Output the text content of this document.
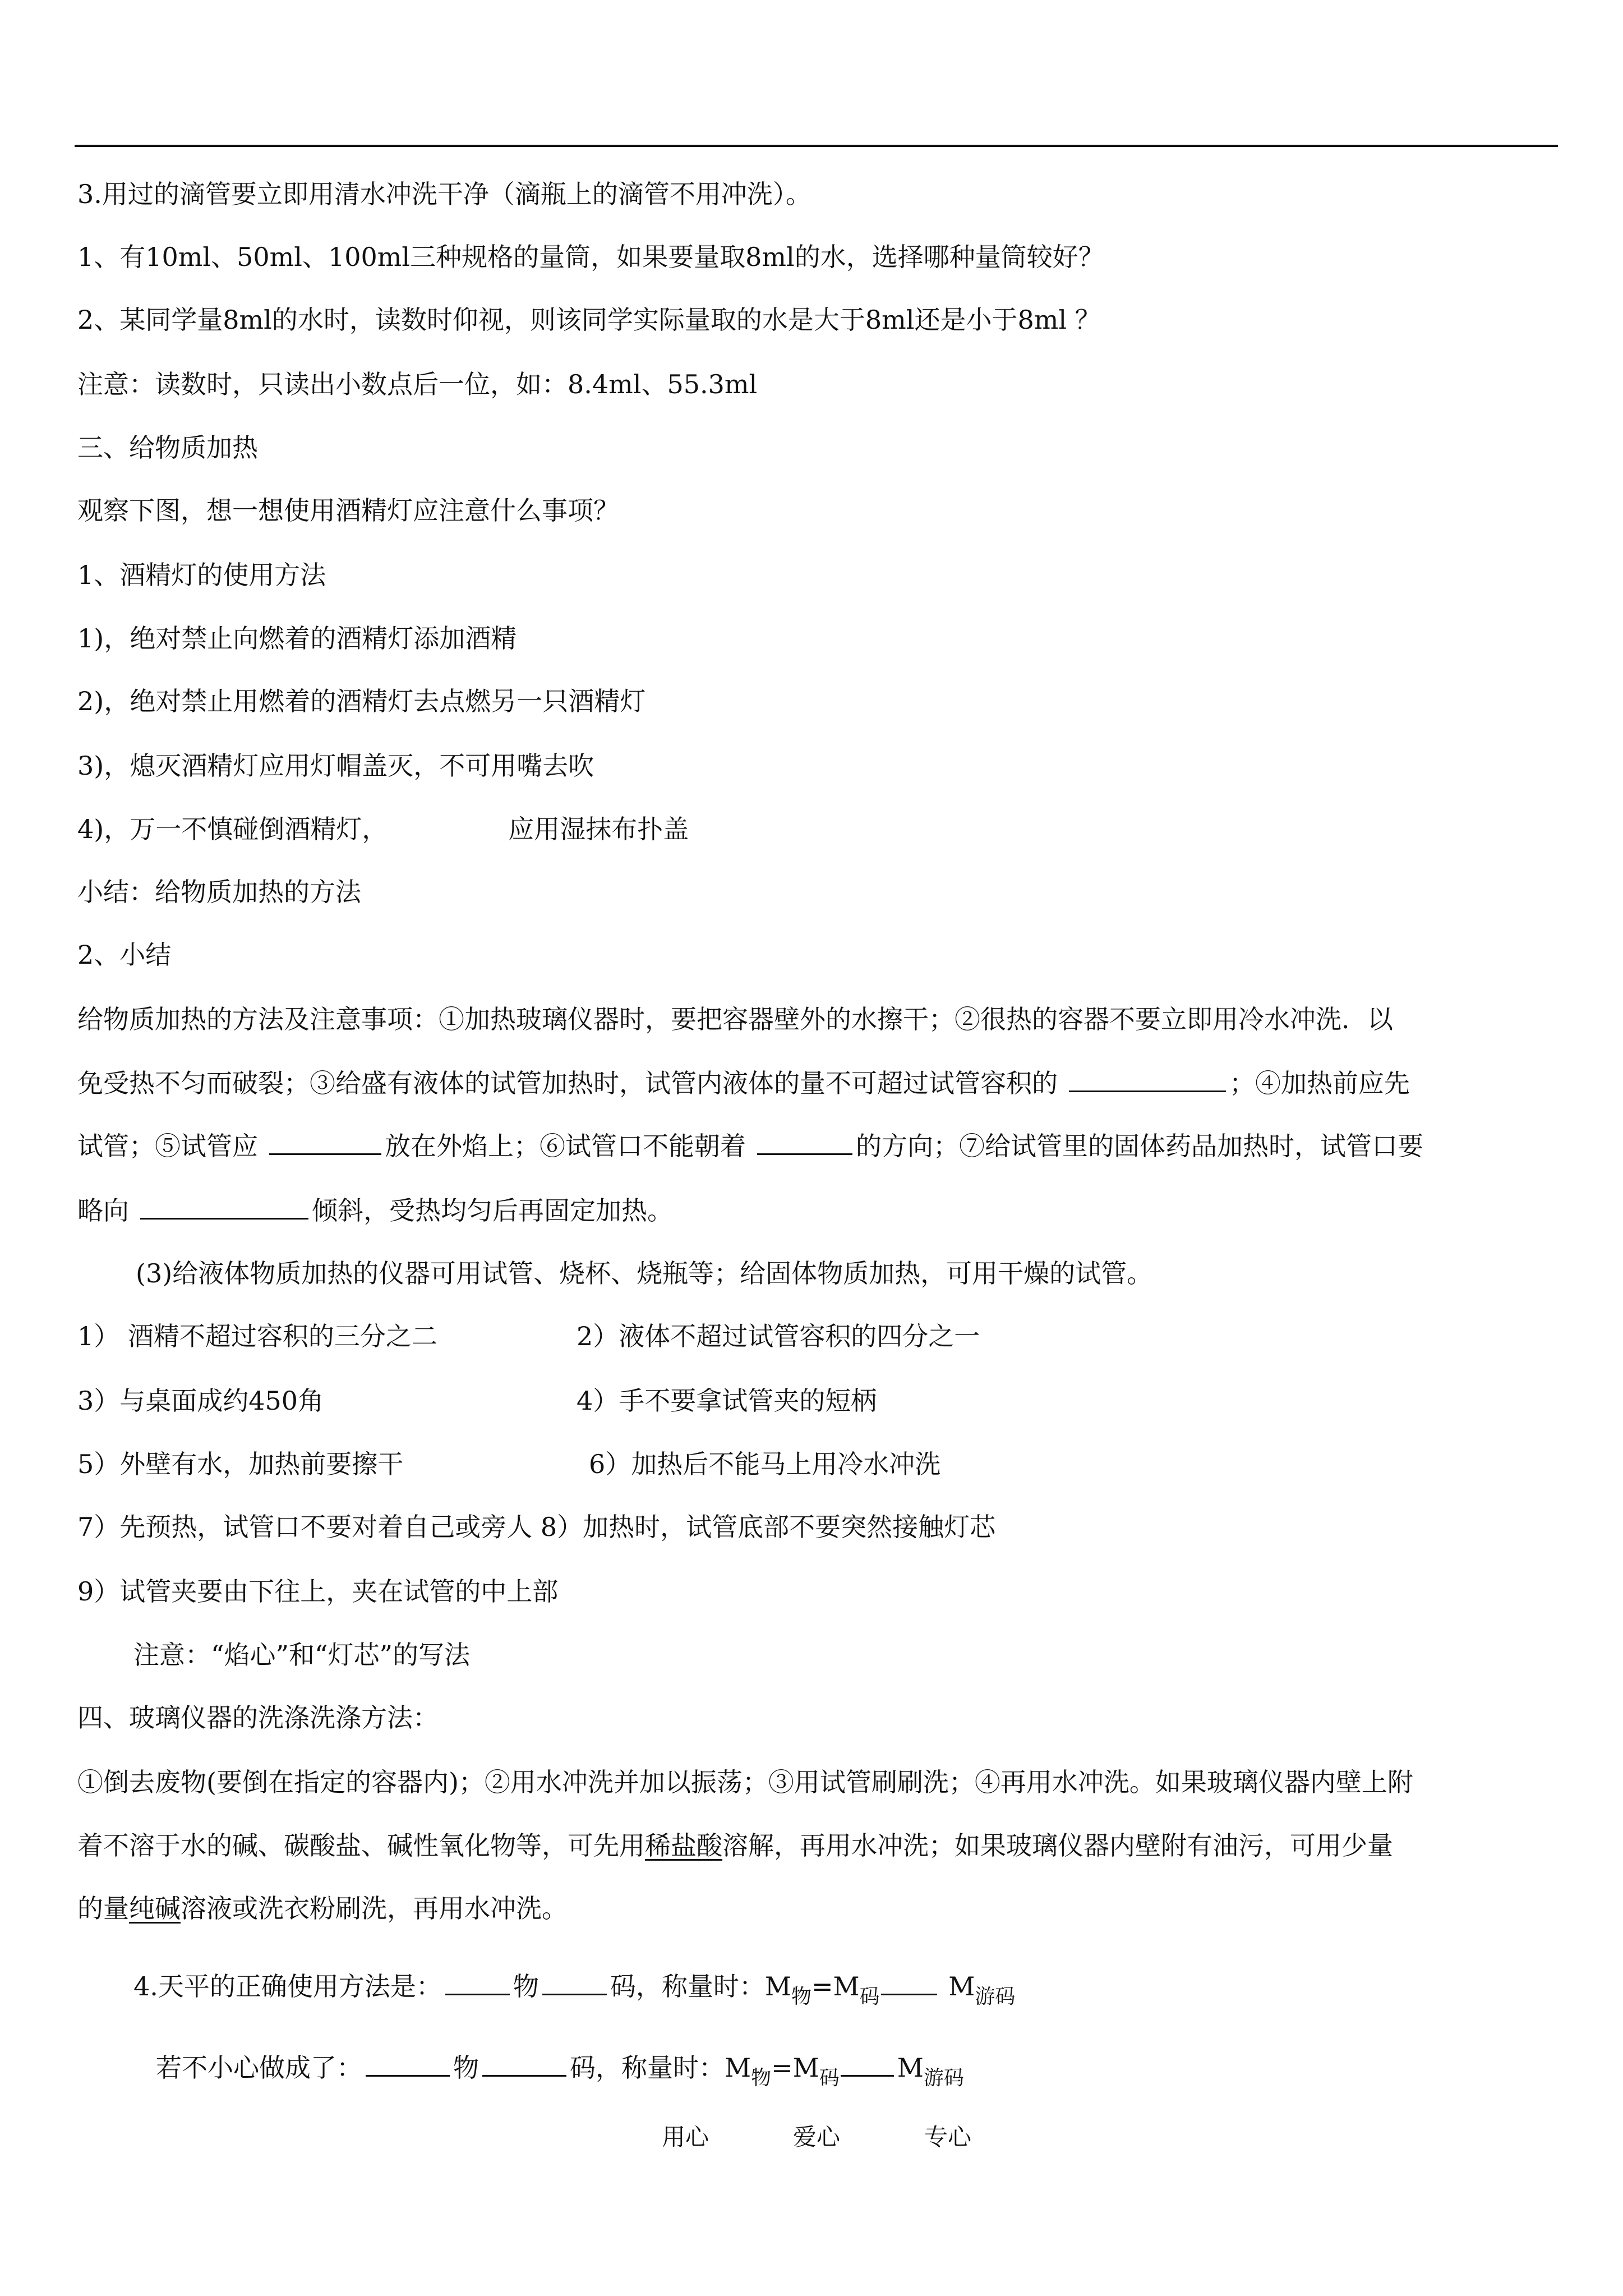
3.用过的滴管要立即用清水冲洗干净（滴瓶上的滴管不用冲洗）。
1、有10ml、50ml、100ml三种规格的量筒，如果要量取8ml的水，选择哪种量筒较好？
2、某同学量8ml的水时，读数时仰视，则该同学实际量取的水是大于8ml还是小于8ml ？
注意：读数时，只读出小数点后一位，如：8.4ml、55.3ml
三、给物质加热
观察下图，想一想使用酒精灯应注意什么事项？
1、酒精灯的使用方法
1)，绝对禁止向燃着的酒精灯添加酒精
2)，绝对禁止用燃着的酒精灯去点燃另一只酒精灯
3)，熄灭酒精灯应用灯帽盖灭，不可用嘴去吹
4)，万一不慎碰倒酒精灯，	应用湿抹布扑盖
小结：给物质加热的方法
2、小结
给物质加热的方法及注意事项：①加热玻璃仪器时，要把容器壁外的水擦干；②很热的容器不要立即用冷水冲洗．以
免受热不匀而破裂；③给盛有液体的试管加热时，试管内液体的量不可超过试管容积的	；④加热前应先
试管；⑤试管应	放在外焰上；⑥试管口不能朝着	的方向；⑦给试管里的固体药品加热时，试管口要
略向	倾斜，受热均匀后再固定加热。
(3)给液体物质加热的仪器可用试管、烧杯、烧瓶等；给固体物质加热，可用干燥的试管。
1） 酒精不超过容积的三分之二	2）液体不超过试管容积的四分之一
3）与桌面成约450角	4）手不要拿试管夹的短柄
5）外壁有水，加热前要擦干	6）加热后不能马上用冷水冲洗
7）先预热，试管口不要对着自己或旁人 8）加热时，试管底部不要突然接触灯芯
9）试管夹要由下往上，夹在试管的中上部
注意：“焰心”和“灯芯”的写法
四、玻璃仪器的洗涤洗涤方法：
①倒去废物(要倒在指定的容器内)；②用水冲洗并加以振荡；③用试管刷刷洗；④再用水冲洗。如果玻璃仪器内壁上附
着不溶于水的碱、碳酸盐、碱性氧化物等，可先用稀盐酸溶解，再用水冲洗；如果玻璃仪器内壁附有油污，可用少量
的量纯碱溶液或洗衣粉刷洗，再用水冲洗。
4.天平的正确使用方法是：	物	码，称量时：$M_物=M_码$ $M_{游码}$
若不小心做成了：	物	码，称量时：$M_物=M_码$ $M_{游码}$
用心	爱心	专心
